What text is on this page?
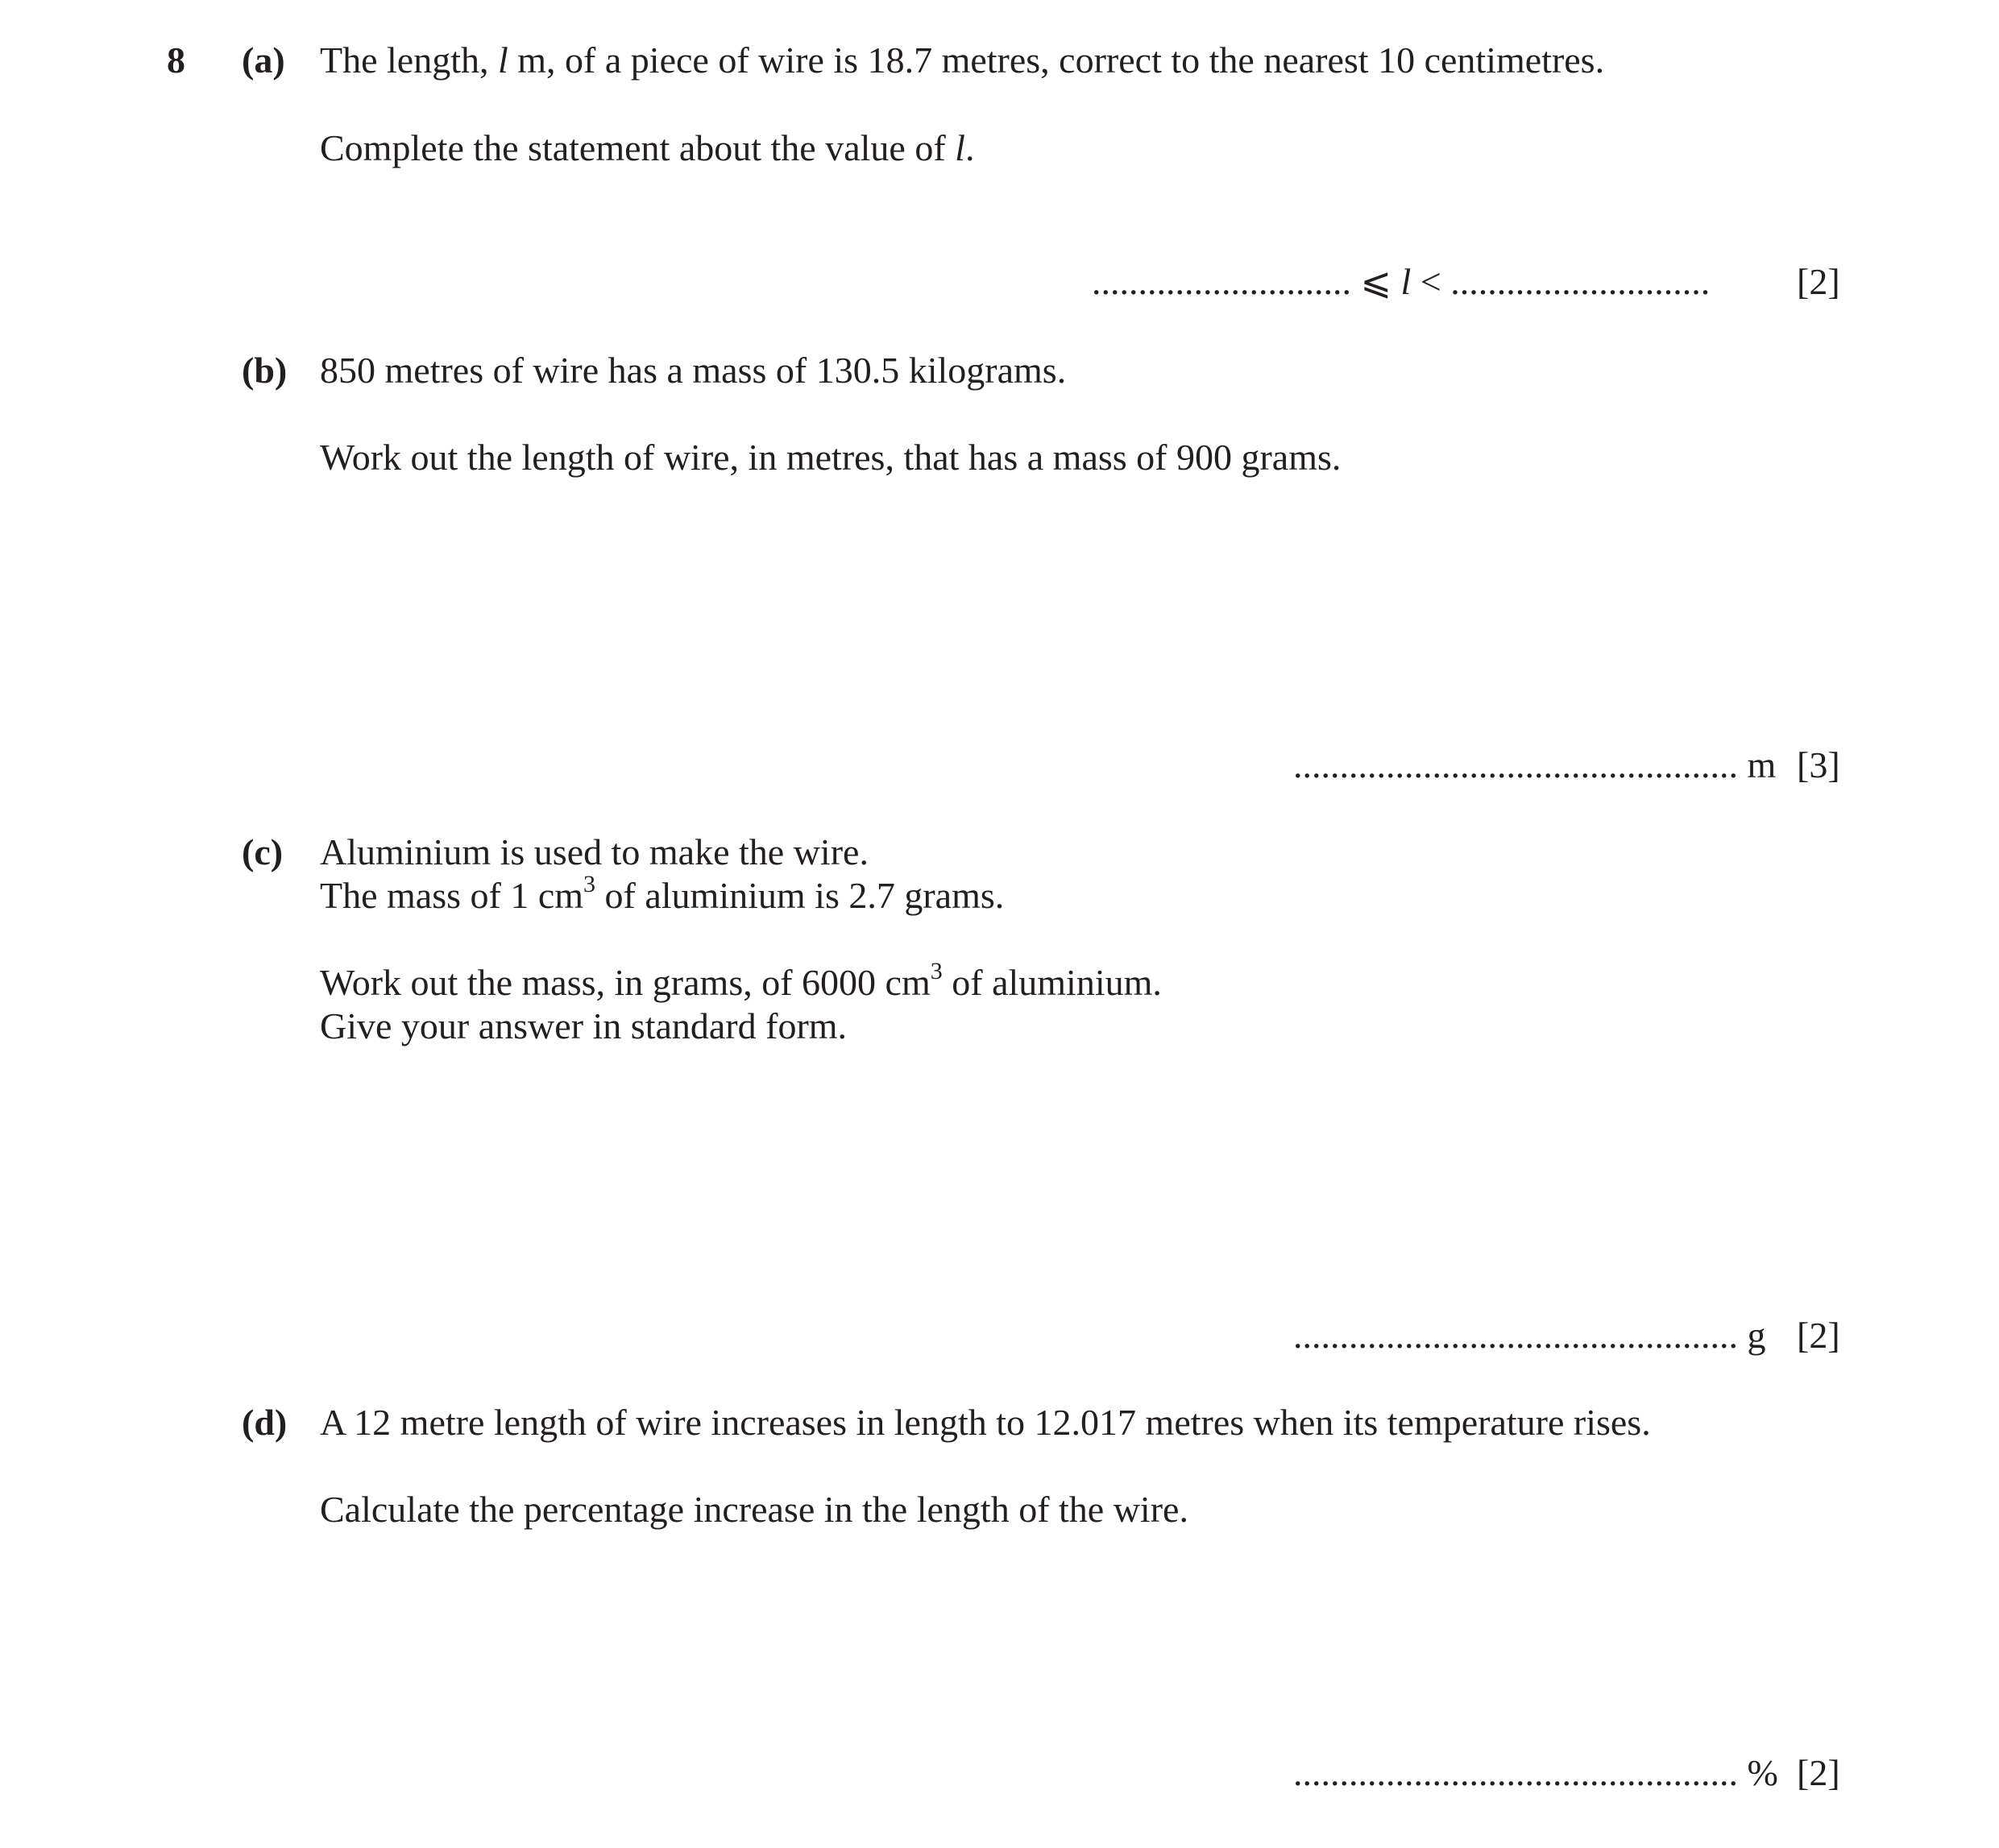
8 (a) The length, l m, of a piece of wire is 18.7 metres, correct to the nearest 10 centimetres.
Complete the statement about the value of l.
............................ ⩽ l < ............................ [2]
(b) 850 metres of wire has a mass of 130.5 kilograms.
Work out the length of wire, in metres, that has a mass of 900 grams.
................................................ m [3]
(c) Aluminium is used to make the wire.
The mass of 1 $cm^3$ of aluminium is 2.7 grams.
Work out the mass, in grams, of 6000 $cm^3$ of aluminium.
Give your answer in standard form.
................................................ g [2]
(d) A 12 metre length of wire increases in length to 12.017 metres when its temperature rises.
Calculate the percentage increase in the length of the wire.
................................................ % [2]
